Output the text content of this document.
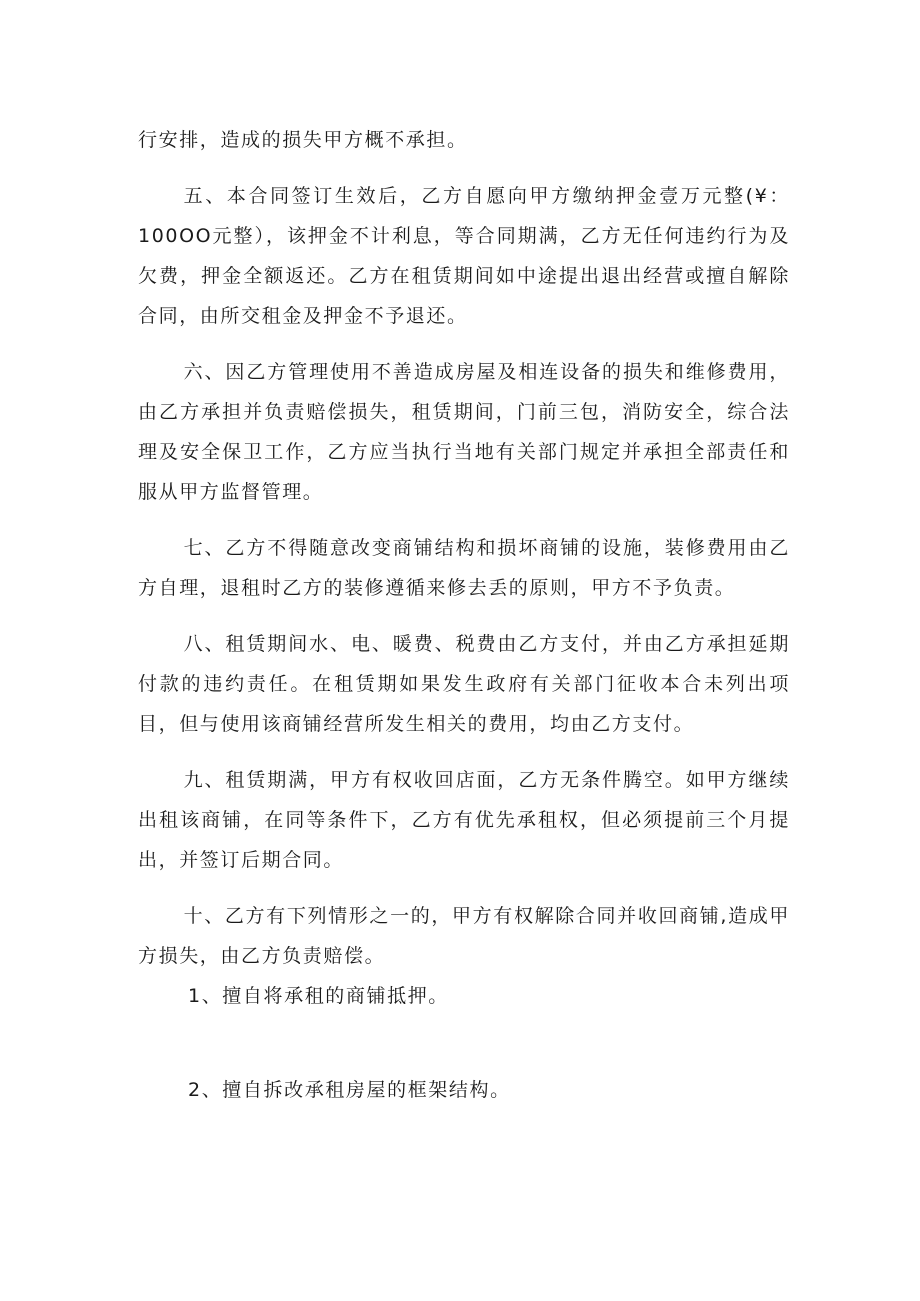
行安排，造成的损失甲方概不承担。

五、本合同签订生效后，乙方自愿向甲方缴纳押金壹万元整(¥：100OO元整），该押金不计利息，等合同期满，乙方无任何违约行为及欠费，押金全额返还。乙方在租赁期间如中途提出退出经营或擅自解除合同，由所交租金及押金不予退还。

六、因乙方管理使用不善造成房屋及相连设备的损失和维修费用，由乙方承担并负责赔偿损失，租赁期间，门前三包，消防安全，综合法理及安全保卫工作，乙方应当执行当地有关部门规定并承担全部责任和服从甲方监督管理。

七、乙方不得随意改变商铺结构和损坏商铺的设施，装修费用由乙方自理，退租时乙方的装修遵循来修去丢的原则，甲方不予负责。

八、租赁期间水、电、暖费、税费由乙方支付，并由乙方承担延期付款的违约责任。在租赁期如果发生政府有关部门征收本合未列出项目，但与使用该商铺经营所发生相关的费用，均由乙方支付。

九、租赁期满，甲方有权收回店面，乙方无条件腾空。如甲方继续出租该商铺，在同等条件下，乙方有优先承租权，但必须提前三个月提出，并签订后期合同。

十、乙方有下列情形之一的，甲方有权解除合同并收回商铺,造成甲方损失，由乙方负责赔偿。

1、擅自将承租的商铺抵押。

2、擅自拆改承租房屋的框架结构。
